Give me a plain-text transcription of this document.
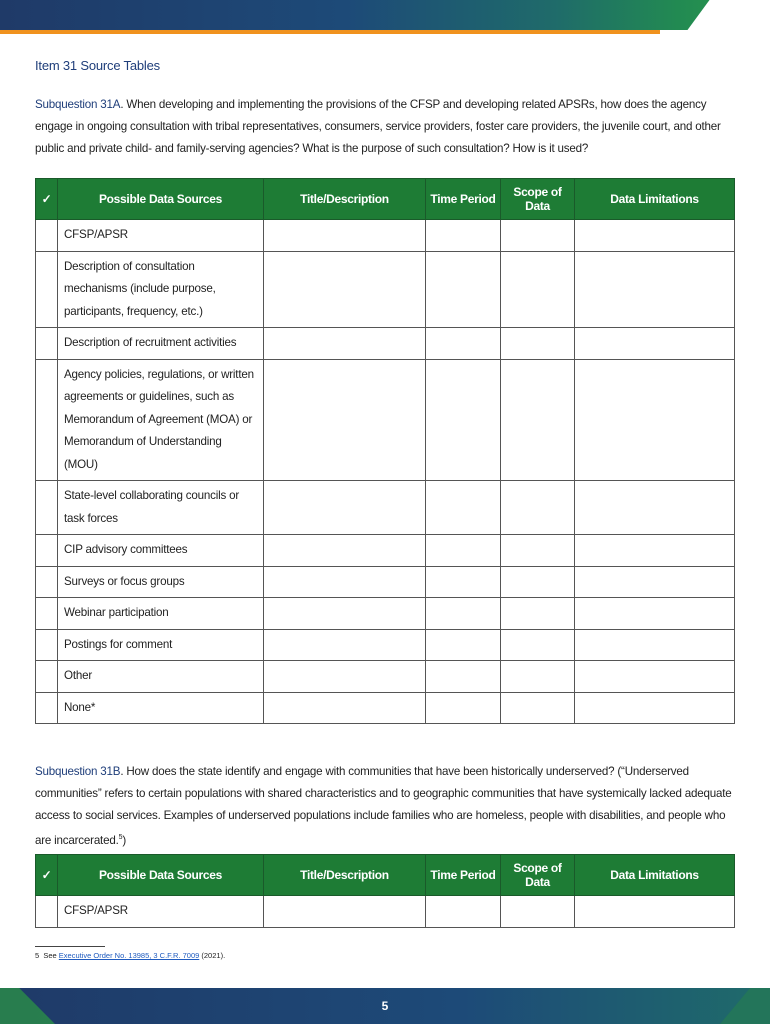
Item 31 Source Tables
Subquestion 31A. When developing and implementing the provisions of the CFSP and developing related APSRs, how does the agency engage in ongoing consultation with tribal representatives, consumers, service providers, foster care providers, the juvenile court, and other public and private child- and family-serving agencies? What is the purpose of such consultation? How is it used?
✓	Possible Data Sources	Title/Description	Time Period	Scope of Data	Data Limitations
	CFSP/APSR				
	Description of consultation mechanisms (include purpose, participants, frequency, etc.)				
	Description of recruitment activities				
	Agency policies, regulations, or written agreements or guidelines, such as Memorandum of Agreement (MOA) or Memorandum of Understanding (MOU)				
	State-level collaborating councils or task forces				
	CIP advisory committees				
	Surveys or focus groups				
	Webinar participation				
	Postings for comment				
	Other				
	None*				
Subquestion 31B. How does the state identify and engage with communities that have been historically underserved? (“Underserved communities” refers to certain populations with shared characteristics and to geographic communities that have systemically lacked adequate access to social services. Examples of underserved populations include families who are homeless, people with disabilities, and people who are incarcerated.$^5$)
✓	Possible Data Sources	Title/Description	Time Period	Scope of Data	Data Limitations
	CFSP/APSR				
5 See Executive Order No. 13985, 3 C.F.R. 7009 (2021).
5
